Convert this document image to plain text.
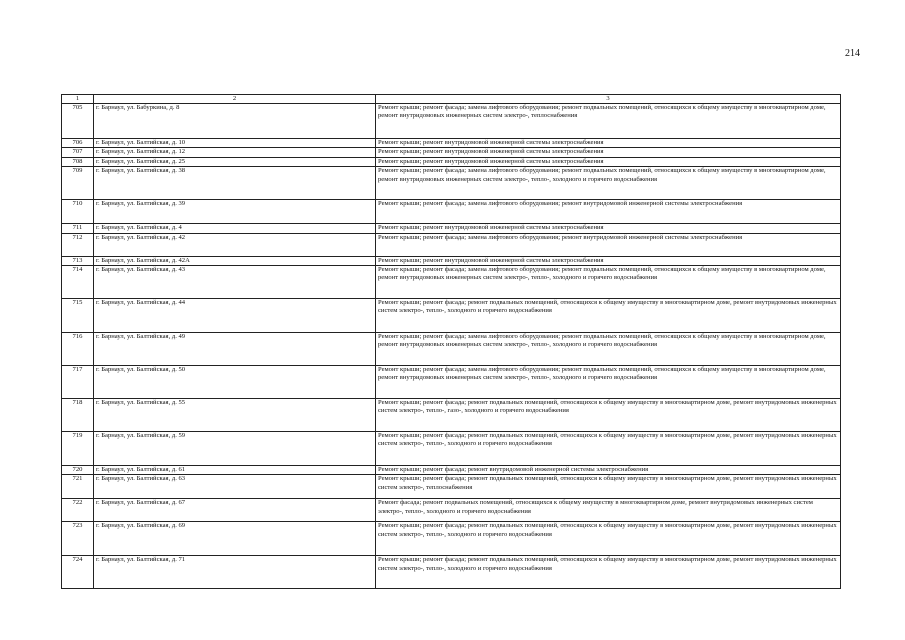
214
1	2	3
705	г. Барнаул, ул. Бабуркина, д. 8	Ремонт крыши; ремонт фасада; замена лифтового оборудования; ремонт подвальных помещений, относящихся к общему имуществу в многоквартирном доме, ремонт внутридомовых инженерных систем электро-, теплоснабжения
706	г. Барнаул, ул. Балтийская, д. 10	Ремонт крыши; ремонт внутридомовой инженерной системы электроснабжения
707	г. Барнаул, ул. Балтийская, д. 12	Ремонт крыши; ремонт внутридомовой инженерной системы электроснабжения
708	г. Барнаул, ул. Балтийская, д. 25	Ремонт крыши; ремонт внутридомовой инженерной системы электроснабжения
709	г. Барнаул, ул. Балтийская, д. 38	Ремонт крыши; ремонт фасада; замена лифтового оборудования; ремонт подвальных помещений, относящихся к общему имуществу в многоквартирном доме, ремонт внутридомовых инженерных систем электро-, тепло-, холодного и горячего водоснабжения
710	г. Барнаул, ул. Балтийская, д. 39	Ремонт крыши; ремонт фасада; замена лифтового оборудования; ремонт внутридомовой инженерной системы электроснабжения
711	г. Барнаул, ул. Балтийская, д. 4	Ремонт крыши; ремонт внутридомовой инженерной системы электроснабжения
712	г. Барнаул, ул. Балтийская, д. 42	Ремонт крыши; ремонт фасада; замена лифтового оборудования; ремонт внутридомовой инженерной системы электроснабжения
713	г. Барнаул, ул. Балтийская, д. 42А	Ремонт крыши; ремонт внутридомовой инженерной системы электроснабжения
714	г. Барнаул, ул. Балтийская, д. 43	Ремонт крыши; ремонт фасада; замена лифтового оборудования; ремонт подвальных помещений, относящихся к общему имуществу в многоквартирном доме, ремонт внутридомовых инженерных систем электро-, тепло-, холодного и горячего водоснабжения
715	г. Барнаул, ул. Балтийская, д. 44	Ремонт крыши; ремонт фасада; ремонт подвальных помещений, относящихся к общему имуществу в многоквартирном доме, ремонт внутридомовых инженерных систем электро-, тепло-, холодного и горячего водоснабжения
716	г. Барнаул, ул. Балтийская, д. 49	Ремонт крыши; ремонт фасада; замена лифтового оборудования; ремонт подвальных помещений, относящихся к общему имуществу в многоквартирном доме, ремонт внутридомовых инженерных систем электро-, тепло-, холодного и горячего водоснабжения
717	г. Барнаул, ул. Балтийская, д. 50	Ремонт крыши; ремонт фасада; замена лифтового оборудования; ремонт подвальных помещений, относящихся к общему имуществу в многоквартирном доме, ремонт внутридомовых инженерных систем электро-, тепло-, холодного и горячего водоснабжения
718	г. Барнаул, ул. Балтийская, д. 55	Ремонт крыши; ремонт фасада; ремонт подвальных помещений, относящихся к общему имуществу в многоквартирном доме, ремонт внутридомовых инженерных систем электро-, тепло-, газо-, холодного и горячего водоснабжения
719	г. Барнаул, ул. Балтийская, д. 59	Ремонт крыши; ремонт фасада; ремонт подвальных помещений, относящихся к общему имуществу в многоквартирном доме, ремонт внутридомовых инженерных систем электро-, тепло-, холодного и горячего водоснабжения
720	г. Барнаул, ул. Балтийская, д. 61	Ремонт крыши; ремонт фасада; ремонт внутридомовой инженерной системы электроснабжения
721	г. Барнаул, ул. Балтийская, д. 63	Ремонт крыши; ремонт фасада; ремонт подвальных помещений, относящихся к общему имуществу в многоквартирном доме, ремонт внутридомовых инженерных систем электро-, теплоснабжения
722	г. Барнаул, ул. Балтийская, д. 67	Ремонт фасада; ремонт подвальных помещений, относящихся к общему имуществу в многоквартирном доме, ремонт внутридомовых инженерных систем электро-, тепло-, холодного и горячего водоснабжения
723	г. Барнаул, ул. Балтийская, д. 69	Ремонт крыши; ремонт фасада; ремонт подвальных помещений, относящихся к общему имуществу в многоквартирном доме, ремонт внутридомовых инженерных систем электро-, тепло-, холодного и горячего водоснабжения
724	г. Барнаул, ул. Балтийская, д. 71	Ремонт крыши; ремонт фасада; ремонт подвальных помещений, относящихся к общему имуществу в многоквартирном доме, ремонт внутридомовых инженерных систем электро-, тепло-, холодного и горячего водоснабжения
